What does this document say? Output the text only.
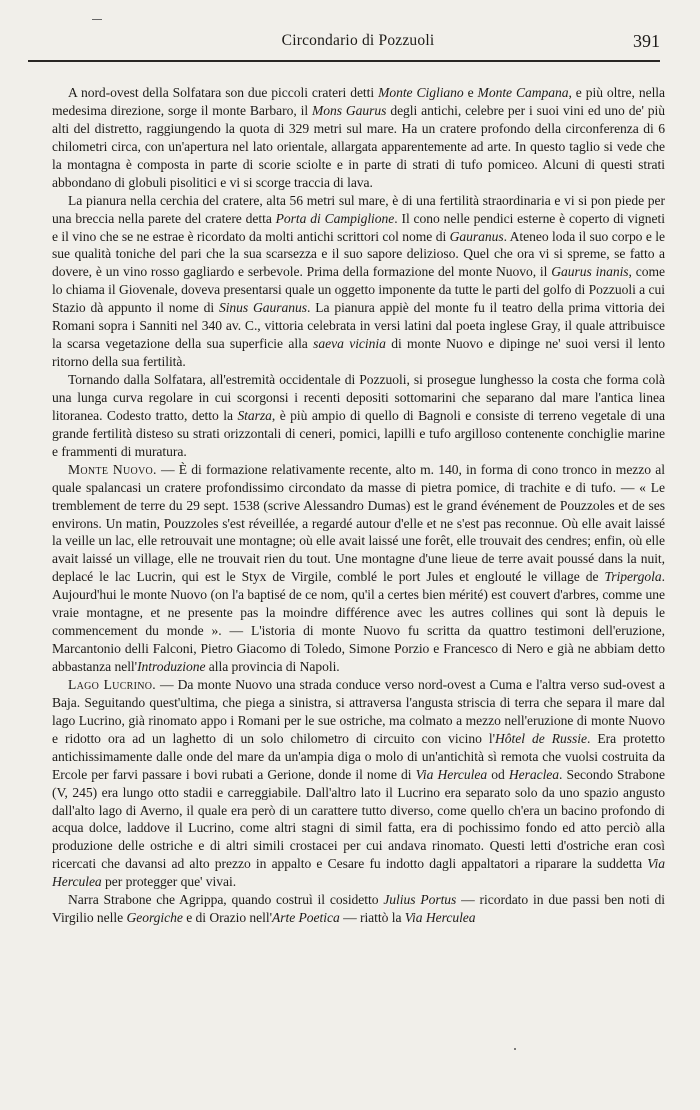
Circondario di Pozzuoli	391

A nord-ovest della Solfatara son due piccoli crateri detti Monte Cigliano e Monte Campana, e più oltre, nella medesima direzione, sorge il monte Barbaro, il Mons Gaurus degli antichi, celebre per i suoi vini ed uno de' più alti del distretto, raggiungendo la quota di 329 metri sul mare. Ha un cratere profondo della circonferenza di 6 chilometri circa, con un'apertura nel lato orientale, allargata apparentemente ad arte. In questo taglio si vede che la montagna è composta in parte di scorie sciolte e in parte di strati di tufo pomiceo. Alcuni di questi strati abbondano di globuli pisolitici e vi si scorge traccia di lava.

La pianura nella cerchia del cratere, alta 56 metri sul mare, è di una fertilità straordinaria e vi si pon piede per una breccia nella parete del cratere detta Porta di Campiglione. Il cono nelle pendici esterne è coperto di vigneti e il vino che se ne estrae è ricordato da molti antichi scrittori col nome di Gauranus. Ateneo loda il suo corpo e le sue qualità toniche del pari che la sua scarsezza e il suo sapore delizioso. Quel che ora vi si spreme, se fatto a dovere, è un vino rosso gagliardo e serbevole. Prima della formazione del monte Nuovo, il Gaurus inanis, come lo chiama il Giovenale, doveva presentarsi quale un oggetto imponente da tutte le parti del golfo di Pozzuoli a cui Stazio dà appunto il nome di Sinus Gauranus. La pianura appiè del monte fu il teatro della prima vittoria dei Romani sopra i Sanniti nel 340 av. C., vittoria celebrata in versi latini dal poeta inglese Gray, il quale attribuisce la scarsa vegetazione della sua superficie alla saeva vicinia di monte Nuovo e dipinge ne' suoi versi il lento ritorno della sua fertilità.

Tornando dalla Solfatara, all'estremità occidentale di Pozzuoli, si prosegue lunghesso la costa che forma colà una lunga curva regolare in cui scorgonsi i recenti depositi sottomarini che separano dal mare l'antica linea litoranea. Codesto tratto, detto la Starza, è più ampio di quello di Bagnoli e consiste di terreno vegetale di una grande fertilità disteso su strati orizzontali di ceneri, pomici, lapilli e tufo argilloso contenente conchiglie marine e frammenti di muratura.

Monte Nuovo. — È di formazione relativamente recente, alto m. 140, in forma di cono tronco in mezzo al quale spalancasi un cratere profondissimo circondato da masse di pietra pomice, di trachite e di tufo. — « Le tremblement de terre du 29 sept. 1538 (scrive Alessandro Dumas) est le grand événement de Pouzzoles et de ses environs. Un matin, Pouzzoles s'est réveillée, a regardé autour d'elle et ne s'est pas reconnue. Où elle avait laissé la veille un lac, elle retrouvait une montagne; où elle avait laissé une forêt, elle trouvait des cendres; enfin, où elle avait laissé un village, elle ne trouvait rien du tout. Une montagne d'une lieue de terre avait poussé dans la nuit, deplacé le lac Lucrin, qui est le Styx de Virgile, comblé le port Jules et englouté le village de Tripergola. Aujourd'hui le monte Nuovo (on l'a baptisé de ce nom, qu'il a certes bien mérité) est couvert d'arbres, comme une vraie montagne, et ne presente pas la moindre différence avec les autres collines qui sont là depuis le commencement du monde ». — L'istoria di monte Nuovo fu scritta da quattro testimoni dell'eruzione, Marcantonio delli Falconi, Pietro Giacomo di Toledo, Simone Porzio e Francesco di Nero e già ne abbiam detto abbastanza nell'Introduzione alla provincia di Napoli.

Lago Lucrino. — Da monte Nuovo una strada conduce verso nord-ovest a Cuma e l'altra verso sud-ovest a Baja. Seguitando quest'ultima, che piega a sinistra, si attraversa l'angusta striscia di terra che separa il mare dal lago Lucrino, già rinomato appo i Romani per le sue ostriche, ma colmato a mezzo nell'eruzione di monte Nuovo e ridotto ora ad un laghetto di un solo chilometro di circuito con vicino l'Hôtel de Russie. Era protetto antichissimamente dalle onde del mare da un'ampia diga o molo di un'antichità sì remota che vuolsi costruita da Ercole per farvi passare i bovi rubati a Gerione, donde il nome di Via Herculea od Heraclea. Secondo Strabone (V, 245) era lungo otto stadii e carreggiabile. Dall'altro lato il Lucrino era separato solo da uno spazio angusto dall'alto lago di Averno, il quale era però di un carattere tutto diverso, come quello ch'era un bacino profondo di acqua dolce, laddove il Lucrino, come altri stagni di simil fatta, era di pochissimo fondo ed atto perciò alla produzione delle ostriche e di altri simili crostacei per cui andava rinomato. Questi letti d'ostriche eran così ricercati che davansi ad alto prezzo in appalto e Cesare fu indotto dagli appaltatori a riparare la suddetta Via Herculea per protegger que' vivai.

Narra Strabone che Agrippa, quando costruì il cosidetto Julius Portus — ricordato in due passi ben noti di Virgilio nelle Georgiche e di Orazio nell'Arte Poetica — riattò la Via Herculea
